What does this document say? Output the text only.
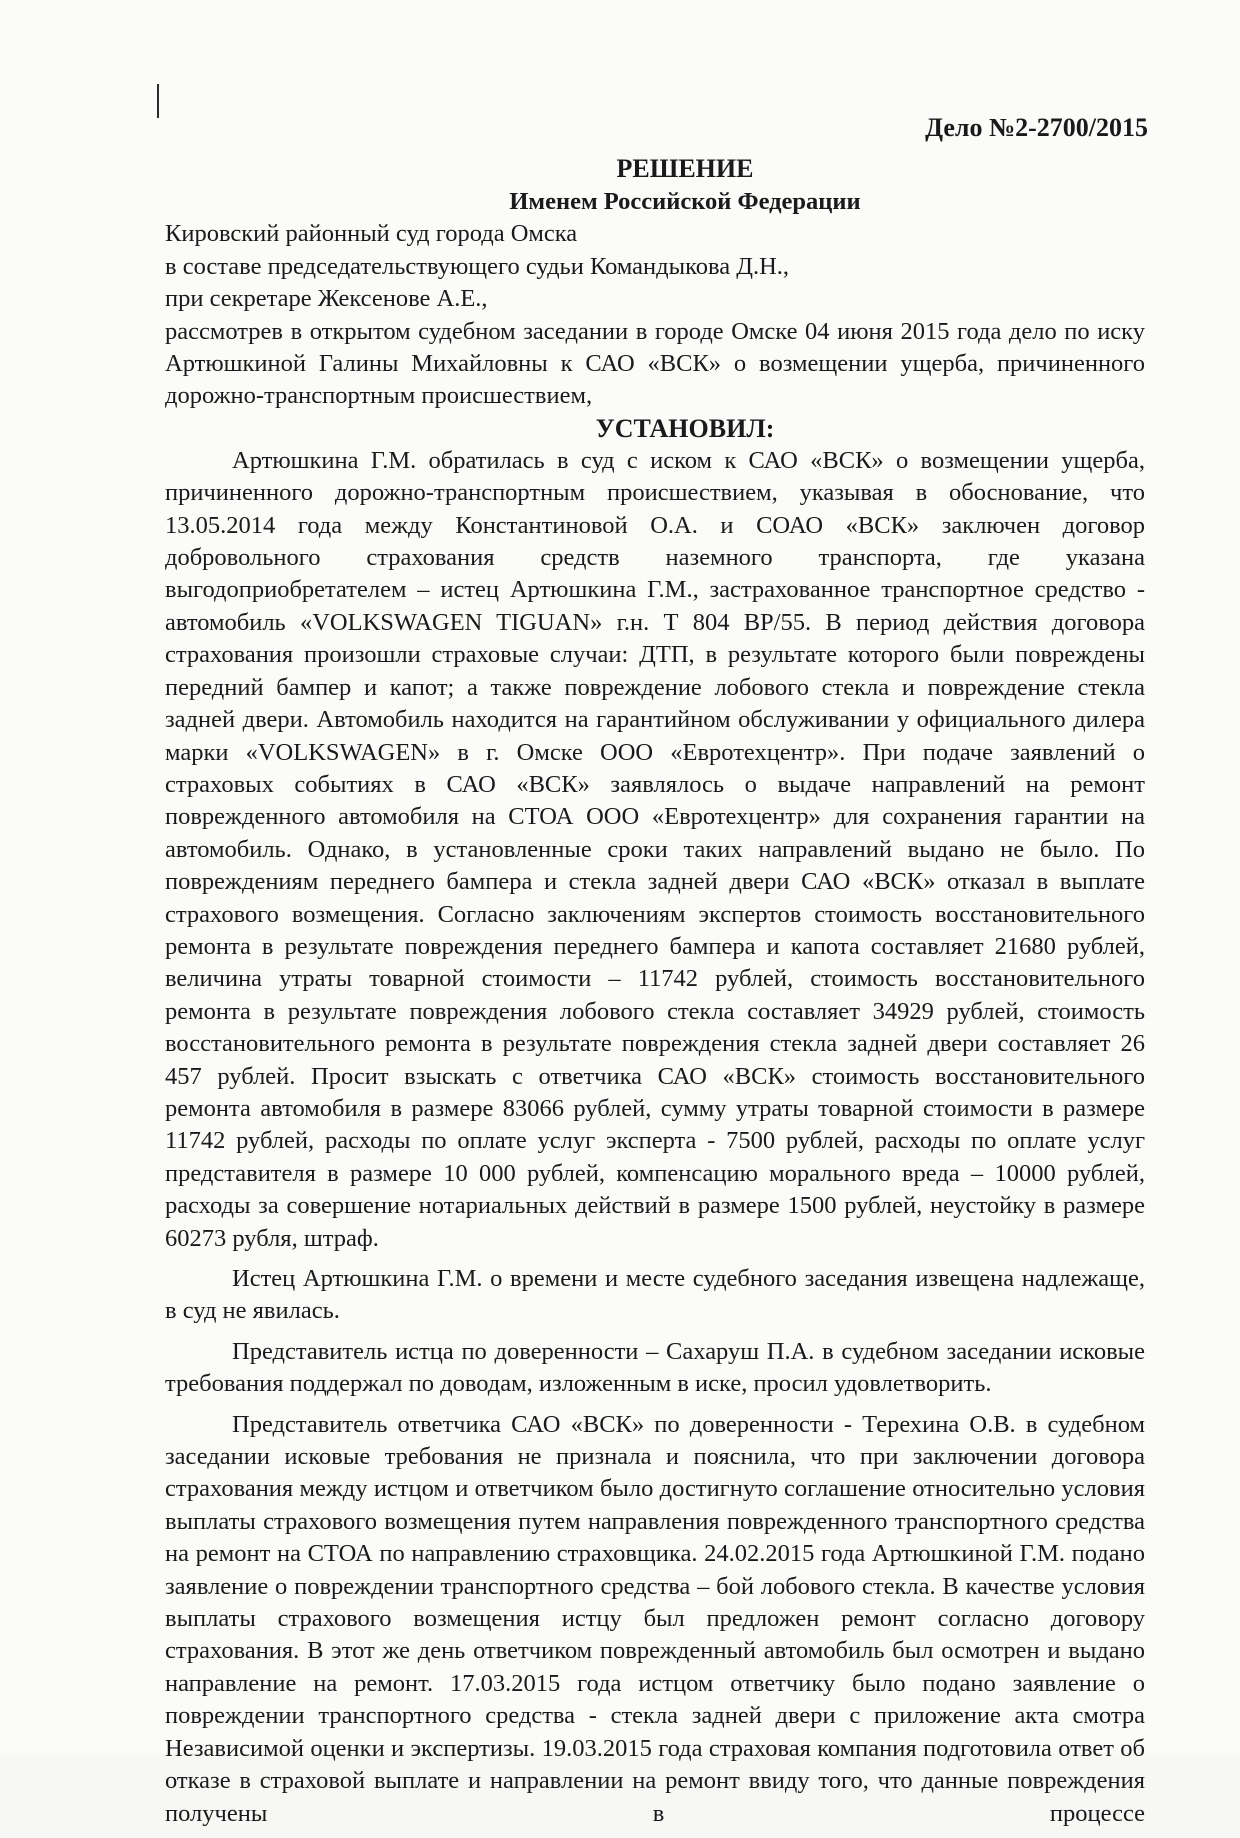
Дело №2-2700/2015
РЕШЕНИЕ
Именем Российской Федерации

Кировский районный суд города Омска

в составе председательствующего судьи Командыкова Д.Н.,

при секретаре Жексенове А.Е.,

рассмотрев в открытом судебном заседании в городе Омске 04 июня 2015 года дело по иску Артюшкиной Галины Михайловны к САО «ВСК» о возмещении ущерба, причиненного дорожно-транспортным происшествием,

УСТАНОВИЛ:

Артюшкина Г.М. обратилась в суд с иском к САО «ВСК» о возмещении ущерба, причиненного дорожно-транспортным происшествием, указывая в обоснование, что 13.05.2014 года между Константиновой О.А. и СОАО «ВСК» заключен договор добровольного страхования средств наземного транспорта, где указана выгодоприобретателем – истец Артюшкина Г.М., застрахованное транспортное средство - автомобиль «VOLKSWAGEN TIGUAN» г.н. Т 804 ВР/55. В период действия договора страхования произошли страховые случаи: ДТП, в результате которого были повреждены передний бампер и капот; а также повреждение лобового стекла и повреждение стекла задней двери. Автомобиль находится на гарантийном обслуживании у официального дилера марки «VOLKSWAGEN» в г. Омске ООО «Евротехцентр». При подаче заявлений о страховых событиях в САО «ВСК» заявлялось о выдаче направлений на ремонт поврежденного автомобиля на СТОА ООО «Евротехцентр» для сохранения гарантии на автомобиль. Однако, в установленные сроки таких направлений выдано не было. По повреждениям переднего бампера и стекла задней двери САО «ВСК» отказал в выплате страхового возмещения. Согласно заключениям экспертов стоимость восстановительного ремонта в результате повреждения переднего бампера и капота составляет 21680 рублей, величина утраты товарной стоимости – 11742 рублей, стоимость восстановительного ремонта в результате повреждения лобового стекла составляет 34929 рублей, стоимость восстановительного ремонта в результате повреждения стекла задней двери составляет 26 457 рублей. Просит взыскать с ответчика САО «ВСК» стоимость восстановительного ремонта автомобиля в размере 83066 рублей, сумму утраты товарной стоимости в размере 11742 рублей, расходы по оплате услуг эксперта - 7500 рублей, расходы по оплате услуг представителя в размере 10 000 рублей, компенсацию морального вреда – 10000 рублей, расходы за совершение нотариальных действий в размере 1500 рублей, неустойку в размере 60273 рубля, штраф.

Истец Артюшкина Г.М. о времени и месте судебного заседания извещена надлежаще, в суд не явилась.

Представитель истца по доверенности – Сахаруш П.А. в судебном заседании исковые требования поддержал по доводам, изложенным в иске, просил удовлетворить.

Представитель ответчика САО «ВСК» по доверенности - Терехина О.В. в судебном заседании исковые требования не признала и пояснила, что при заключении договора страхования между истцом и ответчиком было достигнуто соглашение относительно условия выплаты страхового возмещения путем направления поврежденного транспортного средства на ремонт на СТОА по направлению страховщика. 24.02.2015 года Артюшкиной Г.М. подано заявление о повреждении транспортного средства – бой лобового стекла. В качестве условия выплаты страхового возмещения истцу был предложен ремонт согласно договору страхования. В этот же день ответчиком поврежденный автомобиль был осмотрен и выдано направление на ремонт. 17.03.2015 года истцом ответчику было подано заявление о повреждении транспортного средства - стекла задней двери с приложение акта смотра Независимой оценки и экспертизы. 19.03.2015 года страховая компания подготовила ответ об отказе в страховой выплате и направлении на ремонт ввиду того, что данные повреждения получены в процессе
